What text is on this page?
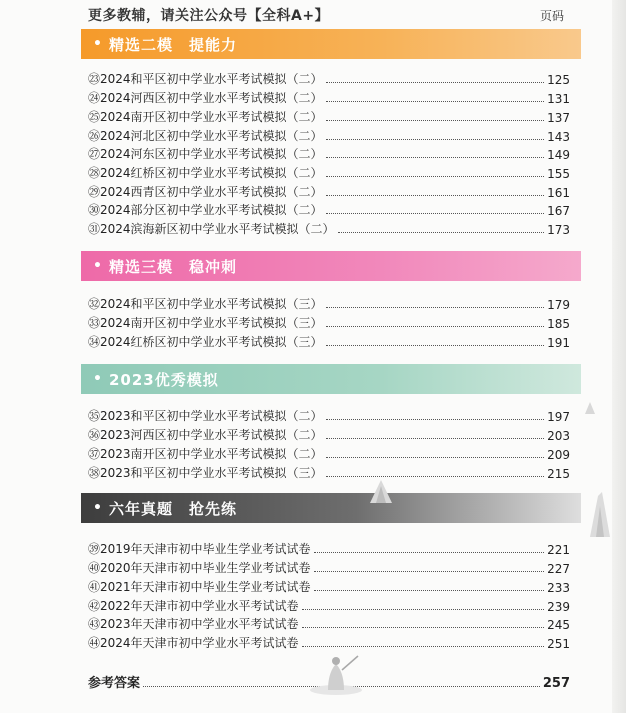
更多教辅，请关注公众号【全科A+】	页码
• 精选二模 提能力
㉓2024和平区初中学业水平考试模拟（二）	125
㉔2024河西区初中学业水平考试模拟（二）	131
㉕2024南开区初中学业水平考试模拟（二）	137
㉖2024河北区初中学业水平考试模拟（二）	143
㉗2024河东区初中学业水平考试模拟（二）	149
㉘2024红桥区初中学业水平考试模拟（二）	155
㉙2024西青区初中学业水平考试模拟（二）	161
㉚2024部分区初中学业水平考试模拟（二）	167
㉛2024滨海新区初中学业水平考试模拟（二）	173
• 精选三模 稳冲刺
㉜2024和平区初中学业水平考试模拟（三）	179
㉝2024南开区初中学业水平考试模拟（三）	185
㉞2024红桥区初中学业水平考试模拟（三）	191
• 2023优秀模拟
㉟2023和平区初中学业水平考试模拟（二）	197
㊱2023河西区初中学业水平考试模拟（二）	203
㊲2023南开区初中学业水平考试模拟（二）	209
㊳2023和平区初中学业水平考试模拟（三）	215
• 六年真题 抢先练
㊴2019年天津市初中毕业生学业考试试卷	221
㊵2020年天津市初中毕业生学业考试试卷	227
㊶2021年天津市初中毕业生学业考试试卷	233
㊷2022年天津市初中学业水平考试试卷	239
㊸2023年天津市初中学业水平考试试卷	245
㊹2024年天津市初中学业水平考试试卷	251
参考答案	257
